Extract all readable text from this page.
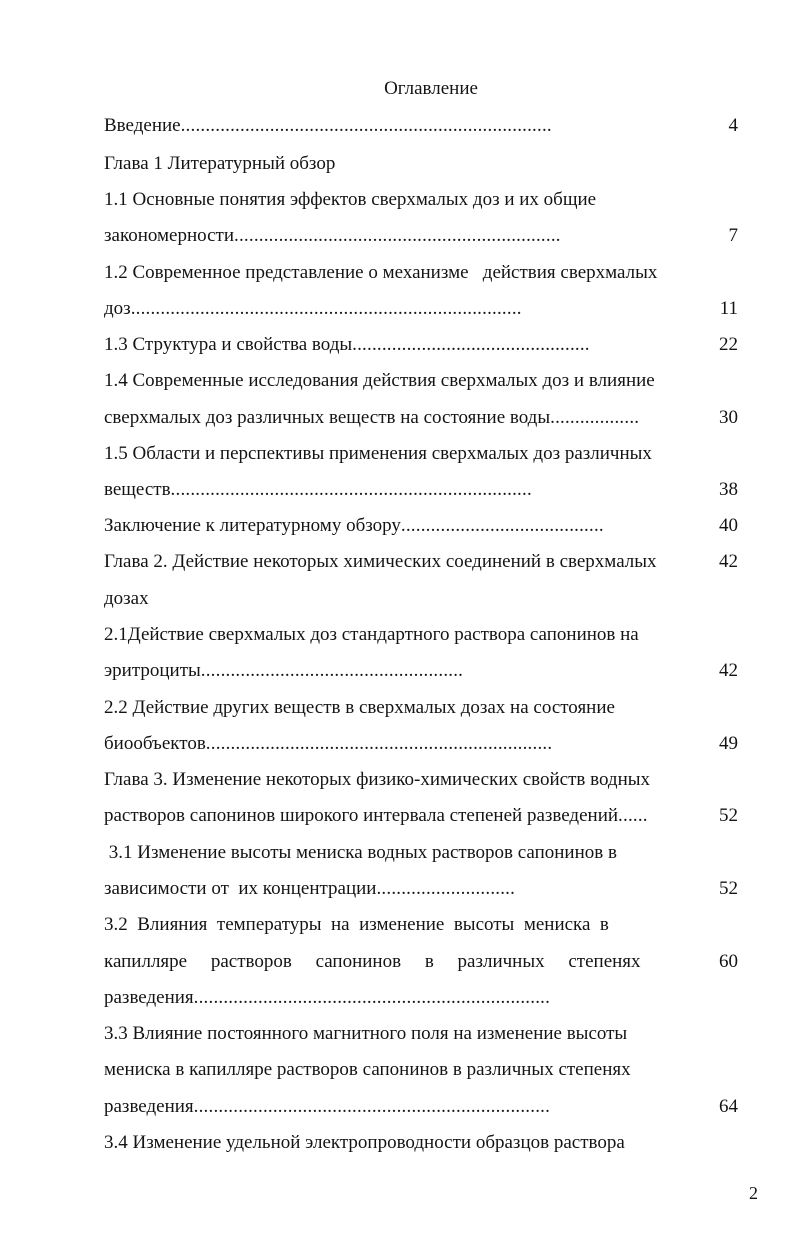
Оглавление
Введение...........................................................................	4
Глава 1 Литературный обзор
1.1 Основные понятия эффектов сверхмалых доз и их общие
закономерности..................................................................	7
1.2 Современное представление о механизме   действия сверхмалых
доз...............................................................................	11
1.3 Структура и свойства воды................................................	22
1.4 Современные исследования действия сверхмалых доз и влияние
сверхмалых доз различных веществ на состояние воды..................	30
1.5 Области и перспективы применения сверхмалых доз различных
веществ.........................................................................	38
Заключение к литературному обзору.........................................	40
Глава 2. Действие некоторых химических соединений в сверхмалых	42
дозах
2.1Действие сверхмалых доз стандартного раствора сапонинов на
эритроциты.....................................................	42
2.2 Действие других веществ в сверхмалых дозах на состояние
биообъектов......................................................................	49
Глава 3. Изменение некоторых физико-химических свойств водных
растворов сапонинов широкого интервала степеней разведений......	52
3.1 Изменение высоты мениска водных растворов сапонинов в
зависимости от  их концентрации............................	52
3.2  Влияния  температуры  на  изменение  высоты  мениска  в
капилляре     растворов     сапонинов     в     различных     степенях	60
разведения........................................................................
3.3 Влияние постоянного магнитного поля на изменение высоты
мениска в капилляре растворов сапонинов в различных степенях
разведения........................................................................	64
3.4 Изменение удельной электропроводности образцов раствора
2
